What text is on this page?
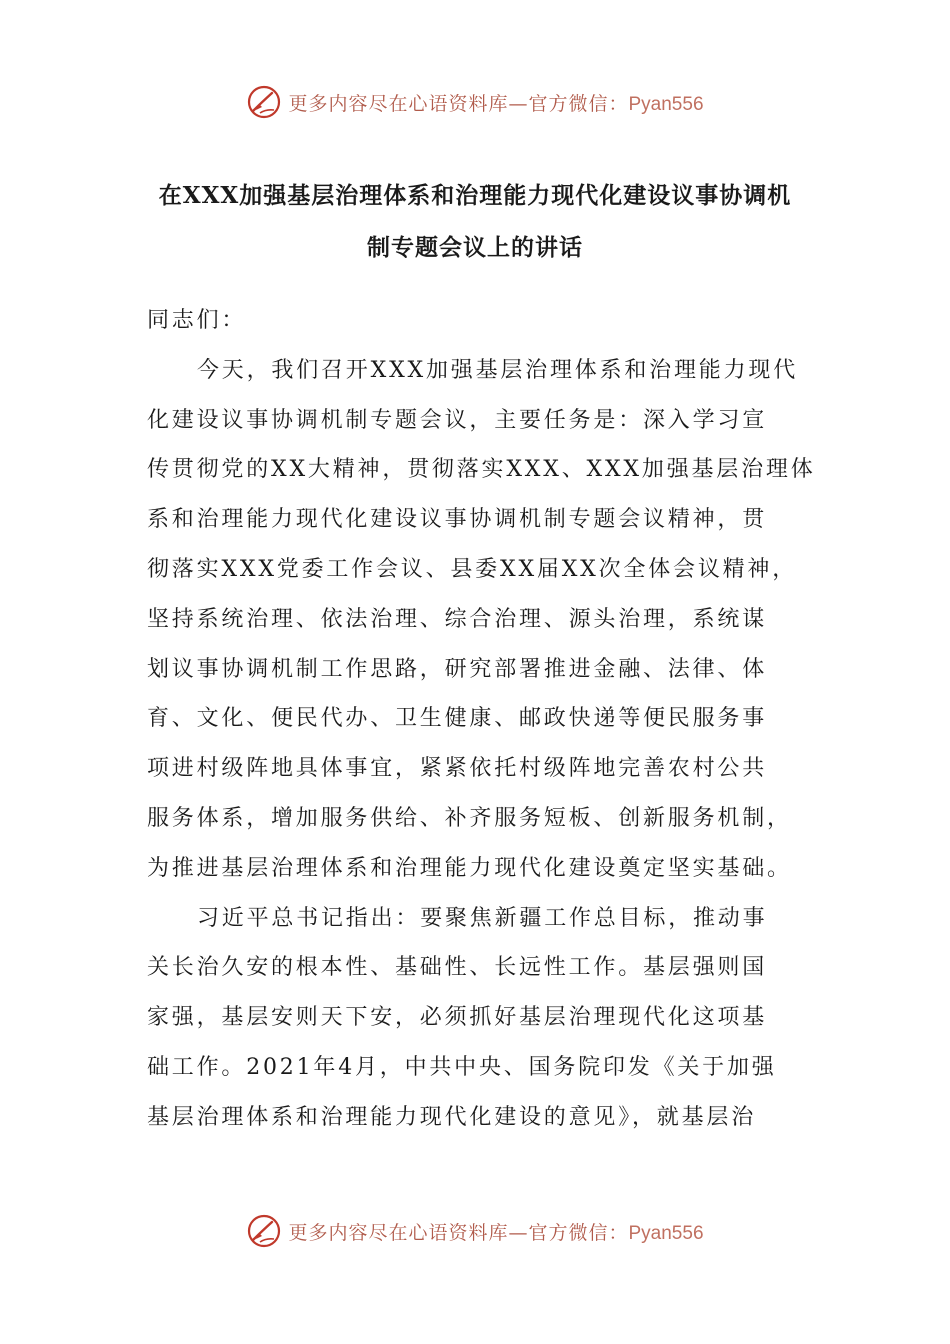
更多内容尽在心语资料库—官方微信：Pyan556
在XXX加强基层治理体系和治理能力现代化建设议事协调机
制专题会议上的讲话
同志们：
今天，我们召开XXX加强基层治理体系和治理能力现代
化建设议事协调机制专题会议，主要任务是：深入学习宣
传贯彻党的XX大精神，贯彻落实XXX、XXX加强基层治理体
系和治理能力现代化建设议事协调机制专题会议精神，贯
彻落实XXX党委工作会议、县委XX届XX次全体会议精神，
坚持系统治理、依法治理、综合治理、源头治理，系统谋
划议事协调机制工作思路，研究部署推进金融、法律、体
育、文化、便民代办、卫生健康、邮政快递等便民服务事
项进村级阵地具体事宜，紧紧依托村级阵地完善农村公共
服务体系，增加服务供给、补齐服务短板、创新服务机制，
为推进基层治理体系和治理能力现代化建设奠定坚实基础。
习近平总书记指出：要聚焦新疆工作总目标，推动事
关长治久安的根本性、基础性、长远性工作。基层强则国
家强，基层安则天下安，必须抓好基层治理现代化这项基
础工作。2021年4月，中共中央、国务院印发《关于加强
基层治理体系和治理能力现代化建设的意见》，就基层治
更多内容尽在心语资料库—官方微信：Pyan556
